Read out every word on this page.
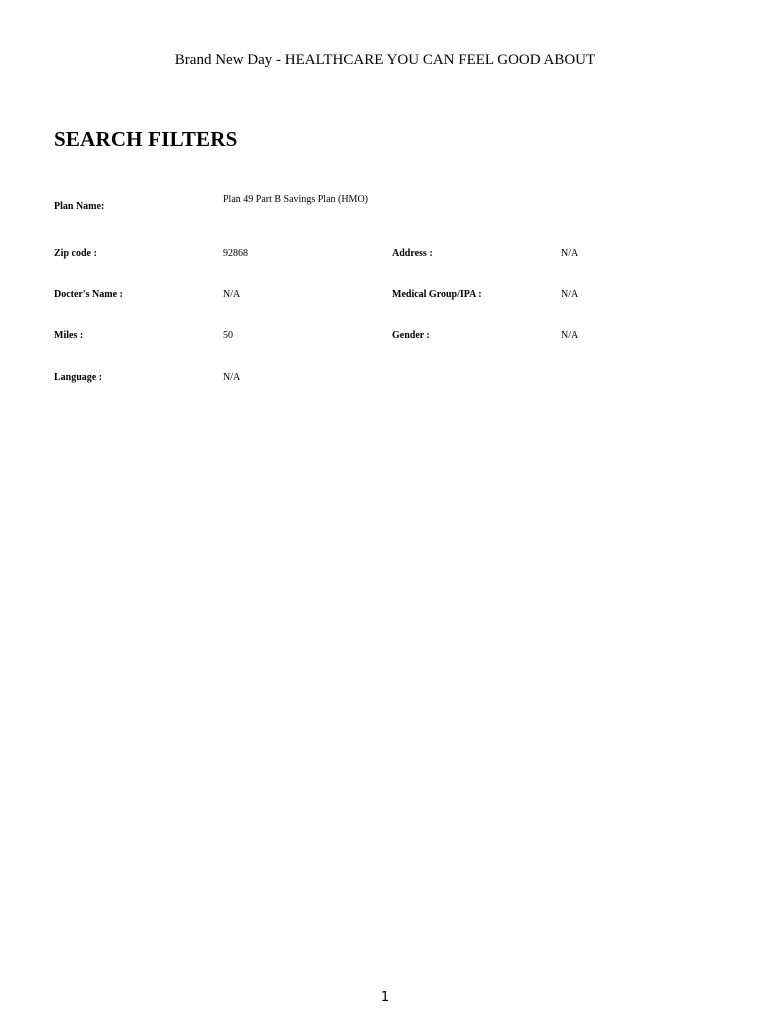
Brand New Day - HEALTHCARE YOU CAN FEEL GOOD ABOUT
SEARCH FILTERS
Plan Name:
Plan 49 Part B Savings Plan (HMO)
Zip code :	92868	Address :	N/A
Docter's Name :	N/A	Medical Group/IPA :	N/A
Miles :	50	Gender :	N/A
Language :	N/A
1
